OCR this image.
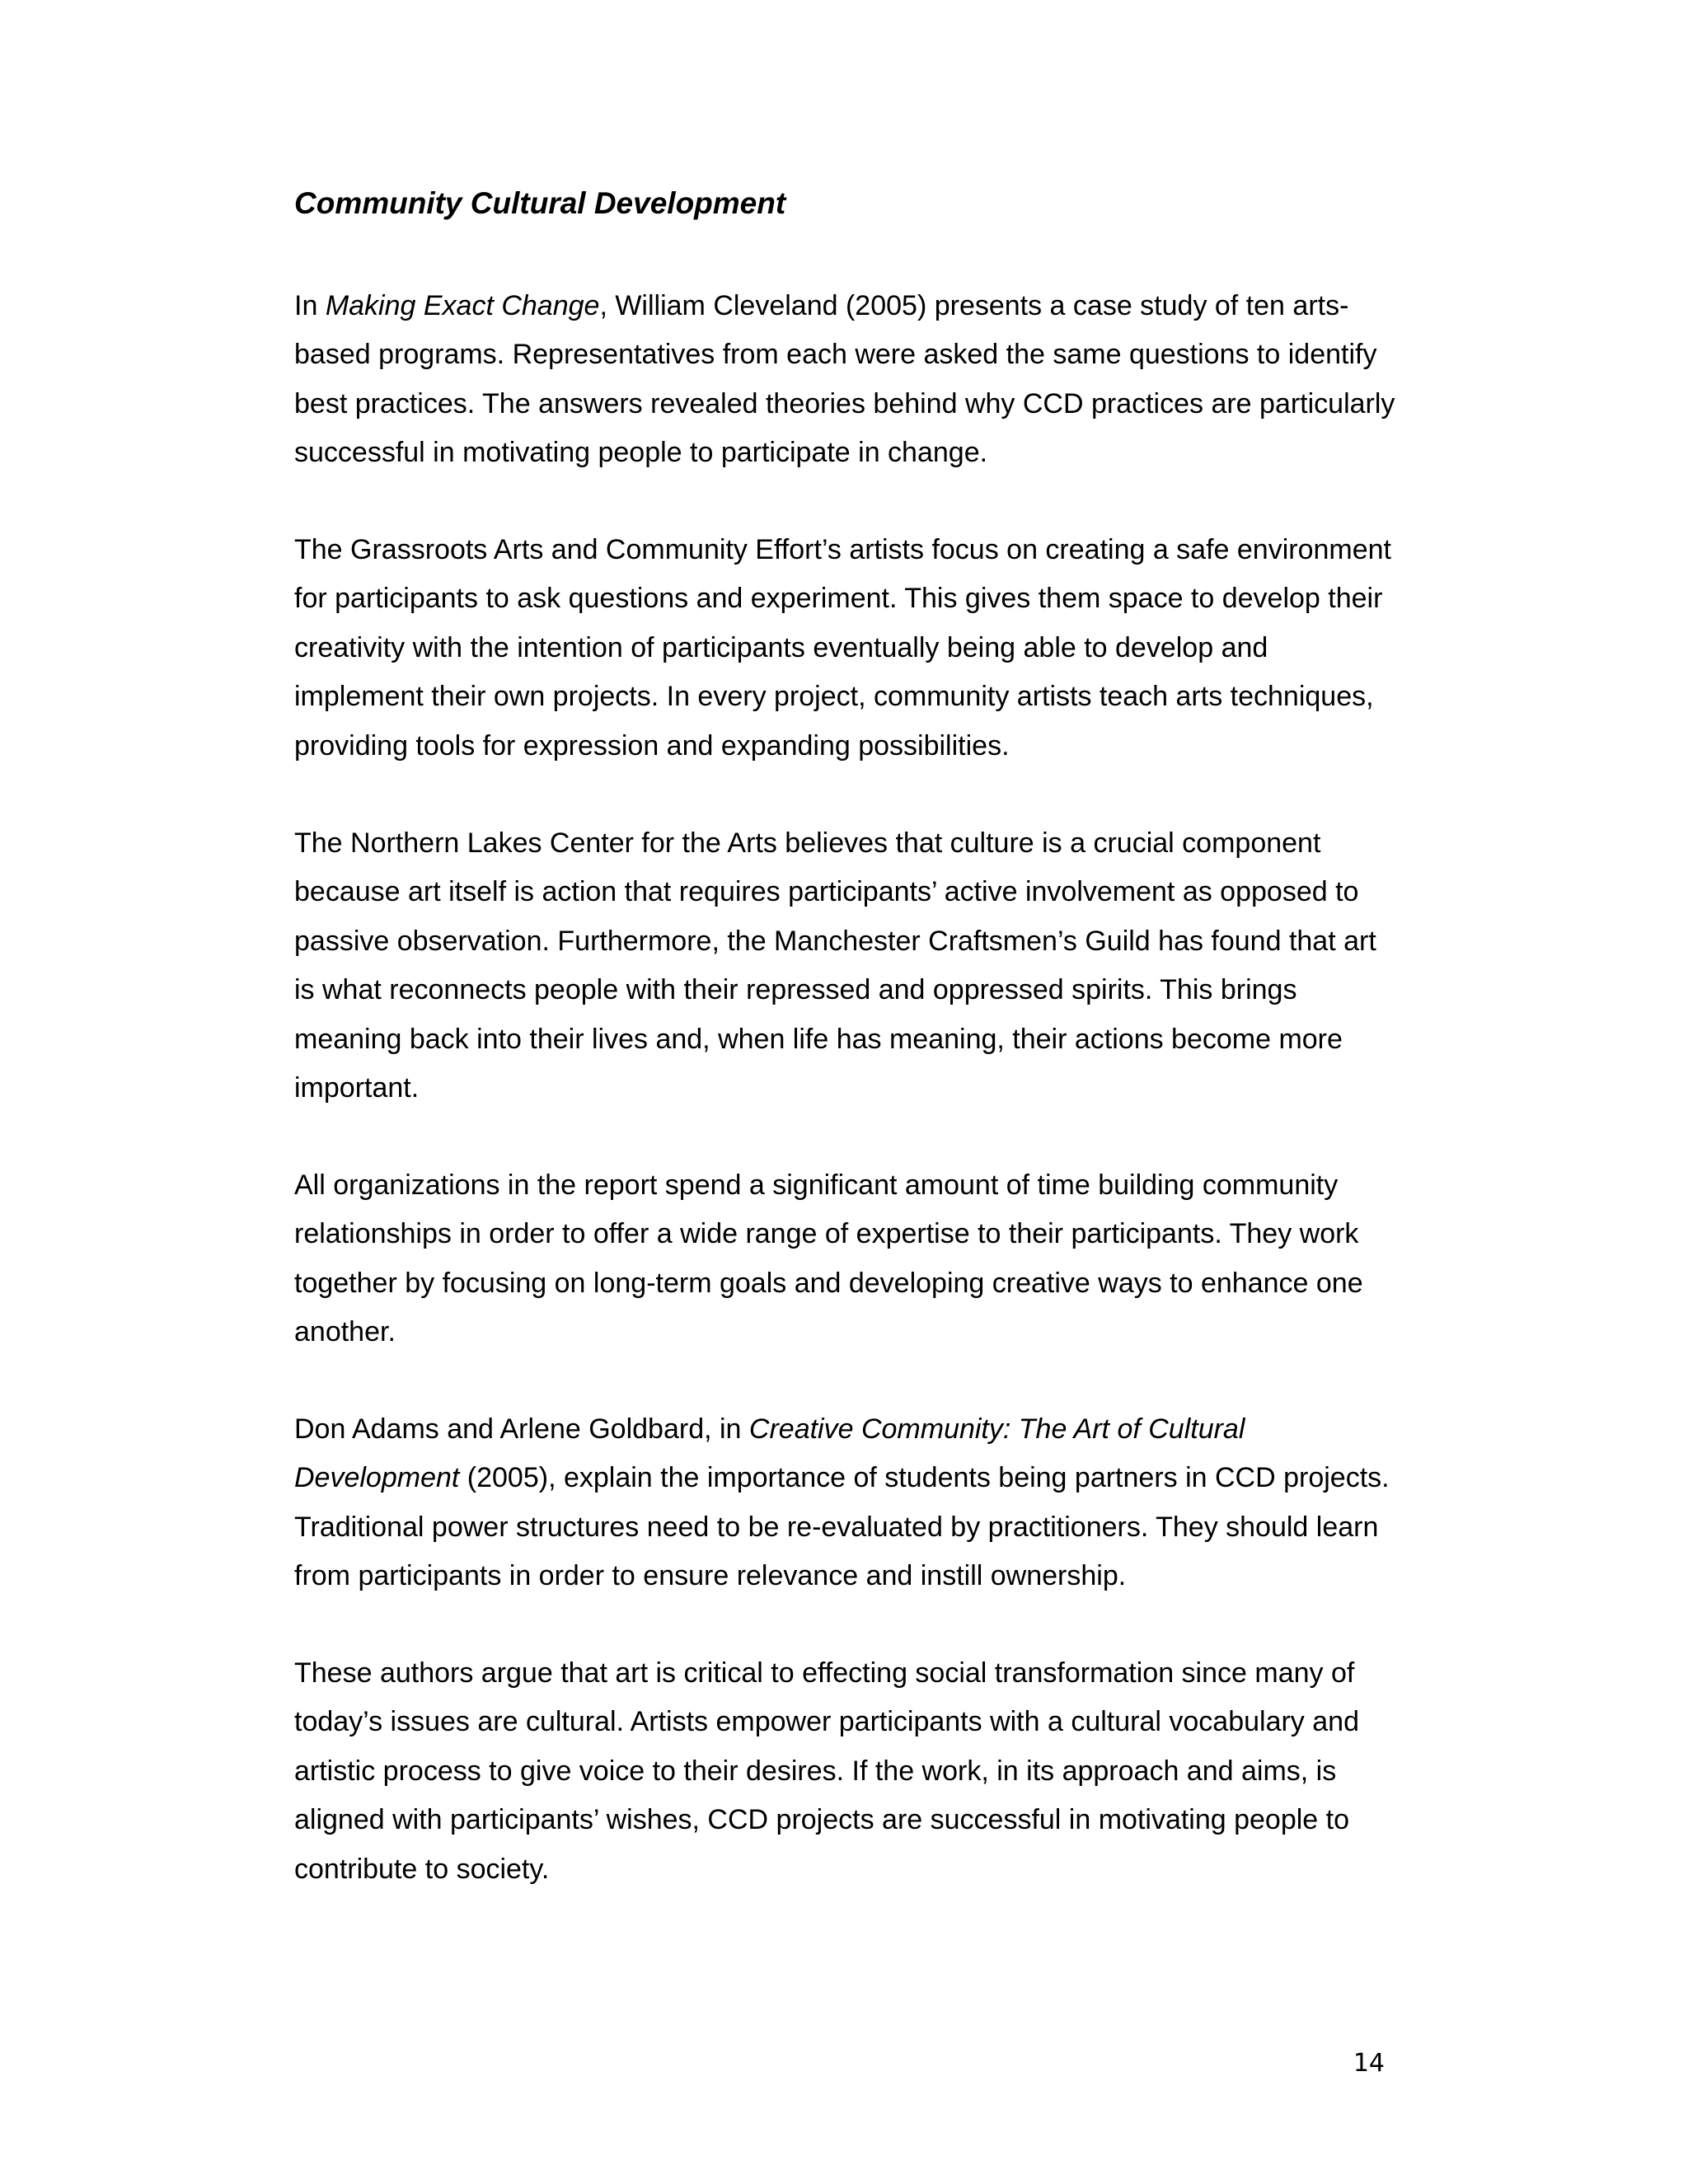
Community Cultural Development

In Making Exact Change, William Cleveland (2005) presents a case study of ten arts-based programs. Representatives from each were asked the same questions to identify best practices. The answers revealed theories behind why CCD practices are particularly successful in motivating people to participate in change.

The Grassroots Arts and Community Effort’s artists focus on creating a safe environment for participants to ask questions and experiment. This gives them space to develop their creativity with the intention of participants eventually being able to develop and implement their own projects. In every project, community artists teach arts techniques, providing tools for expression and expanding possibilities.

The Northern Lakes Center for the Arts believes that culture is a crucial component because art itself is action that requires participants’ active involvement as opposed to passive observation. Furthermore, the Manchester Craftsmen’s Guild has found that art is what reconnects people with their repressed and oppressed spirits. This brings meaning back into their lives and, when life has meaning, their actions become more important.

All organizations in the report spend a significant amount of time building community relationships in order to offer a wide range of expertise to their participants. They work together by focusing on long-term goals and developing creative ways to enhance one another.

Don Adams and Arlene Goldbard, in Creative Community: The Art of Cultural Development (2005), explain the importance of students being partners in CCD projects. Traditional power structures need to be re-evaluated by practitioners. They should learn from participants in order to ensure relevance and instill ownership.

These authors argue that art is critical to effecting social transformation since many of today’s issues are cultural. Artists empower participants with a cultural vocabulary and artistic process to give voice to their desires. If the work, in its approach and aims, is aligned with participants’ wishes, CCD projects are successful in motivating people to contribute to society.

14
